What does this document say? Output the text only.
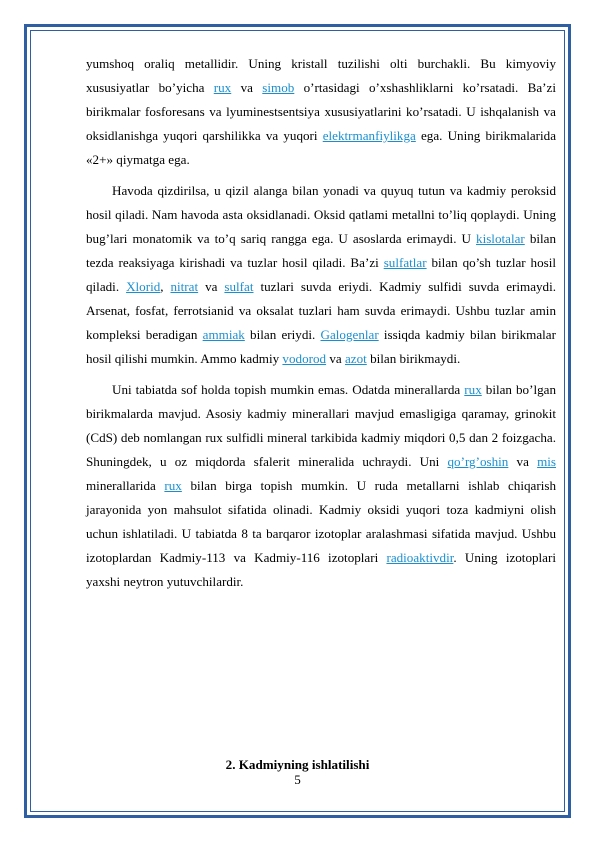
yumshoq oraliq metallidir. Uning kristall tuzilishi olti burchakli. Bu kimyoviy xususiyatlar bo’yicha rux va simob o’rtasidagi o’xshashliklarni ko’rsatadi. Ba’zi birikmalar fosforesans va lyuminestsentsiya xususiyatlarini ko’rsatadi. U ishqalanish va oksidlanishga yuqori qarshilikka va yuqori elektrmanfiylikga ega. Uning birikmalarida «2+» qiymatga ega.

Havoda qizdirilsa, u qizil alanga bilan yonadi va quyuq tutun va kadmiy peroksid hosil qiladi. Nam havoda asta oksidlanadi. Oksid qatlami metallni to’liq qoplaydi. Uning bug’lari monatomik va to’q sariq rangga ega. U asoslarda erimaydi. U kislotalar bilan tezda reaksiyaga kirishadi va tuzlar hosil qiladi. Ba’zi sulfatlar bilan qo’sh tuzlar hosil qiladi. Xlorid, nitrat va sulfat tuzlari suvda eriydi. Kadmiy sulfidi suvda erimaydi. Arsenat, fosfat, ferrotsianid va oksalat tuzlari ham suvda erimaydi. Ushbu tuzlar amin kompleksi beradigan ammiak bilan eriydi. Galogenlar issiqda kadmiy bilan birikmalar hosil qilishi mumkin. Ammo kadmiy vodorod va azot bilan birikmaydi.

Uni tabiatda sof holda topish mumkin emas. Odatda minerallarda rux bilan bo’lgan birikmalarda mavjud. Asosiy kadmiy minerallari mavjud emasligiga qaramay, grinokit (CdS) deb nomlangan rux sulfidli mineral tarkibida kadmiy miqdori 0,5 dan 2 foizgacha. Shuningdek, u oz miqdorda sfalerit mineralida uchraydi. Uni qo’rg’oshin va mis minerallarida rux bilan birga topish mumkin. U ruda metallarni ishlab chiqarish jarayonida yon mahsulot sifatida olinadi. Kadmiy oksidi yuqori toza kadmiyni olish uchun ishlatiladi. U tabiatda 8 ta barqaror izotoplar aralashmasi sifatida mavjud. Ushbu izotoplardan Kadmiy-113 va Kadmiy-116 izotoplari radioaktivdir. Uning izotoplari yaxshi neytron yutuvchilardir.

2. Kadmiyning ishlatilishi
5
